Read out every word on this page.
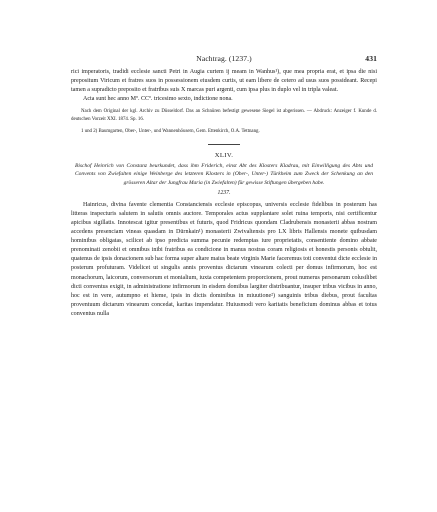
Nachtrag. (1237.)	431

rici imperatoris, tradidi ecclesie sancti Petri in Augia curtem ij meam in Wanhus¹), que mea propria erat, et ipsa die nisi prepositum Viricum et fratres suos in possessionem eiusdem curtis, ut eam libere de cetero ad usus suos possideant. Recepi tamen a supradicto preposito et fratribus suis X marcas puri argenti, cum ipsa plus in duplo vel in tripla valeat.

Acta sunt hec anno Mº. CCº. tricesimo sexto, indictione nona.

Nach dem Original der kgl. Archiv zu Düsseldorf. Das an Schnüren befestigt gewesene Siegel ist abgerissen. — Abdruck: Anzeiger f. Kunde d. deutschen Vorzeit XXI. 1874. Sp. 16.

1 und 2) Baumgarten, Ober-, Unter-, und Wannenhöusern, Gem. Ettenkirch, O.A. Tettnang.

XLIV.

Bischof Heinrich von Constanz beurkundet, dass ihm Friderich, einst Abt des Klosters Kladrau, mit Einwilligung des Abts und Convents von Zwiefalten einige Weinberge des letzteren Klosters in (Ober-, Unter-) Türkheim zum Zweck der Schenkung an den grösseren Altar der Jungfrau Maria (in Zwiefalten) für gewisse Stiftungen übergeben habe.

1237.

Hainricus, divina favente clementia Constanciensis ecclesie episcopus, universis ecclesie fidelibus in posterum has litteras inspecturis salutem in salutis omnis auctore. Temporales actus supplantare solet ruina temporis, nisi certificentur apicibus sigillatis. Innotescat igitur presentibus et futuris, quod Fridricus quondam Cladrubensis monasterii abbas nostram accedens presenciam vineas quasdam in Dürnkain¹) monasterii Zwivaltensis pro LX libris Hallensis monete quibusdam hominibus obligatas, scilicet ab ipso predicta summa pecunie redemptas iure proprietatis, consentiente domino abbate prenominati zenobii et omnibus inibi fratribus ea condicione in manus nostras coram religiosis et honestis personis obtulit, quatenus de ipsis donacionem sub hac forma super altare maius beate virginis Marie faceremus toti conventui dicte ecclesie in posterum profuturam. Videlicet ut singulis annis proventus dictarum vinearum colecti per domus infirmorum, hoc est monachorum, laicorum, conversorum et monialium, iuxta competentem proporcionem, prout numerus personarum colusilibet dicti conventus exigit, in administratione infirmorum in eisdem domibus largiter distribuantur, insuper tribus vicibus in anno, hoc est in vere, autumpno et hieme, ipsis in dictis dominibus in miuutione²) sanguinis tribus diebus, prout facultas proventuum dictarum vinearum concedat, karitas impendatur. Huiusmodi vero karitatis beneficium dominus abbas et totus conventus nulla
